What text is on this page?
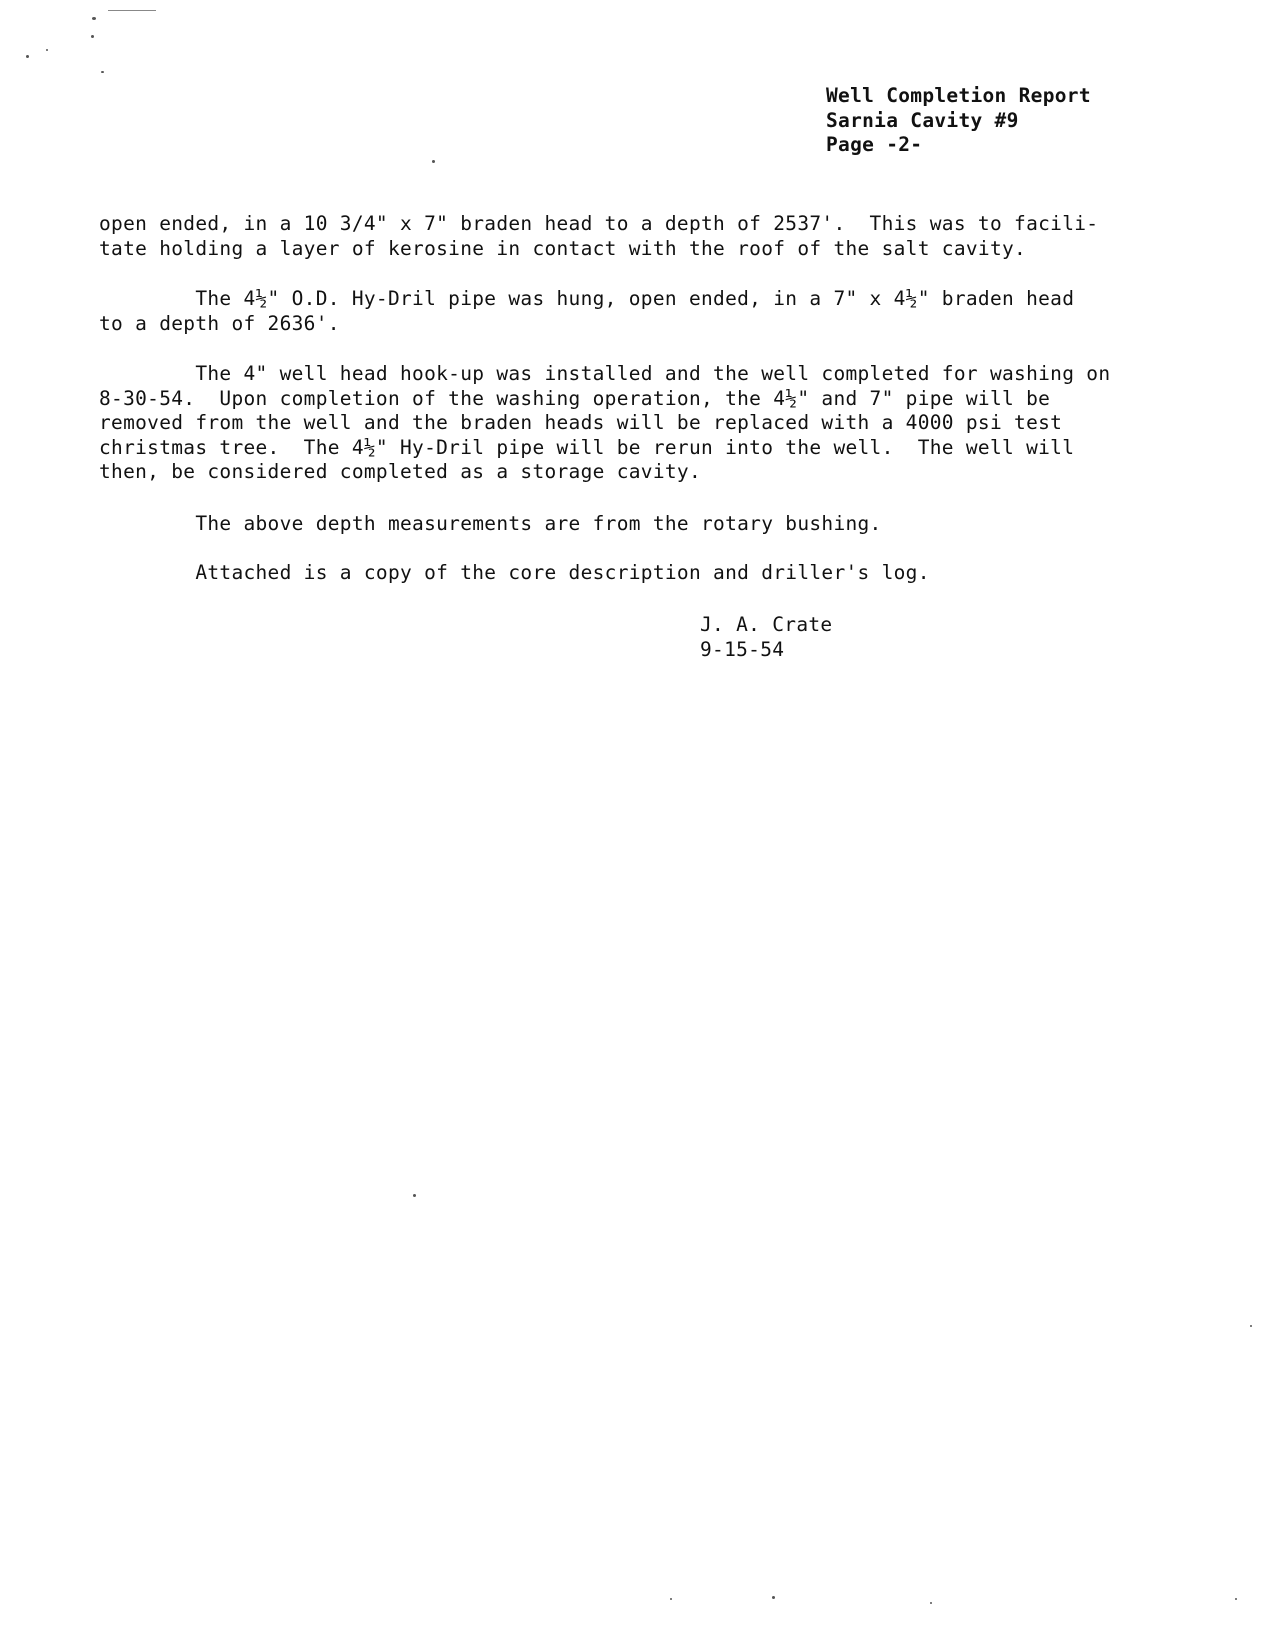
Well Completion Report
Sarnia Cavity #9
Page -2-
open ended, in a 10 3/4" x 7" braden head to a depth of 2537'.  This was to facili-
tate holding a layer of kerosine in contact with the roof of the salt cavity.
The 4½" O.D. Hy-Dril pipe was hung, open ended, in a 7" x 4½" braden head
to a depth of 2636'.
The 4" well head hook-up was installed and the well completed for washing on
8-30-54.  Upon completion of the washing operation, the 4½" and 7" pipe will be
removed from the well and the braden heads will be replaced with a 4000 psi test
christmas tree.  The 4½" Hy-Dril pipe will be rerun into the well.  The well will
then, be considered completed as a storage cavity.
The above depth measurements are from the rotary bushing.
Attached is a copy of the core description and driller's log.
J. A. Crate
9-15-54
